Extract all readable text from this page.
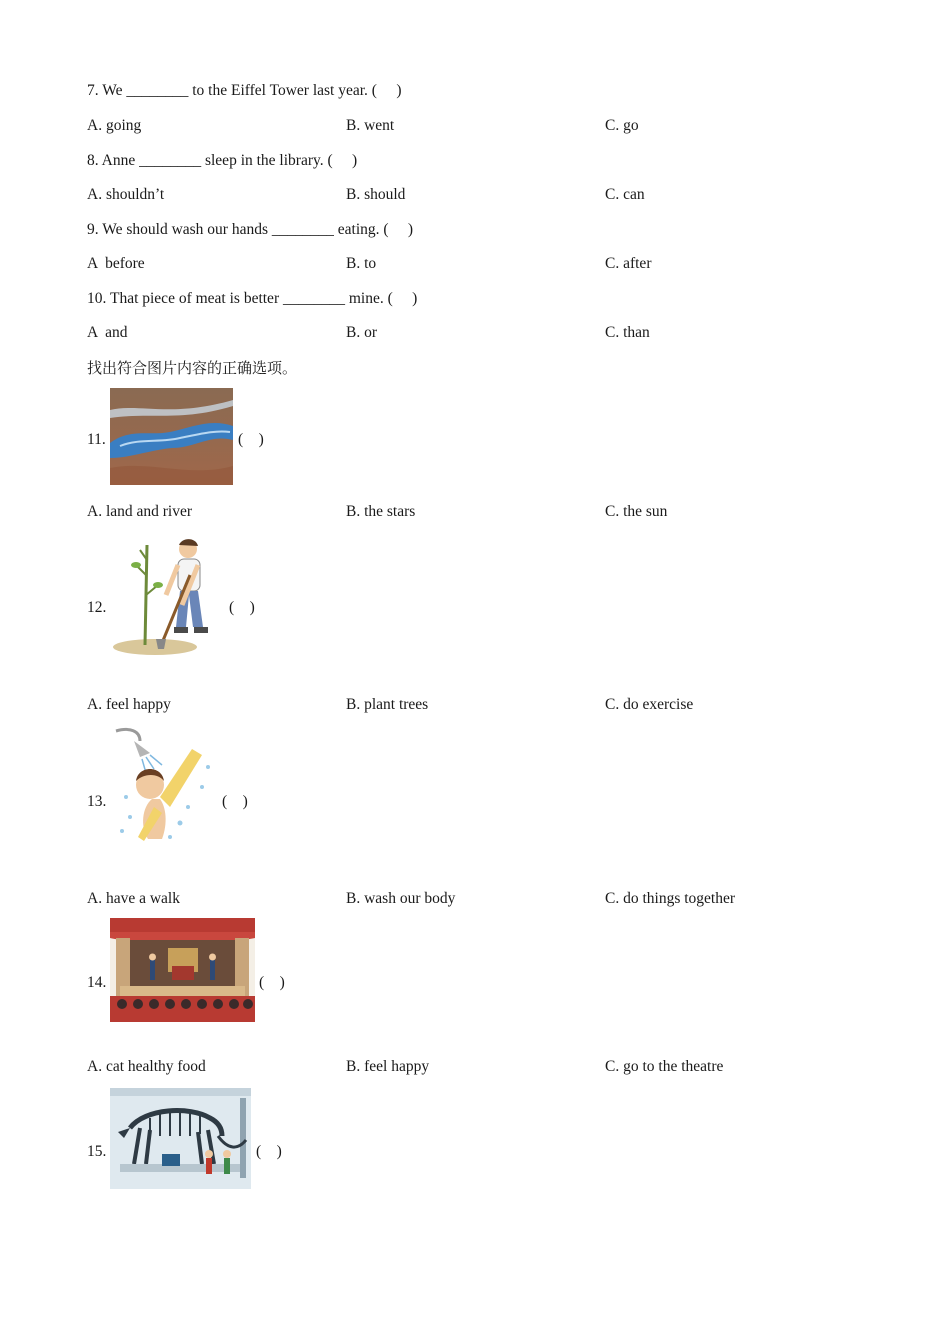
7. We ________ to the Eiffel Tower last year. (     )
A. going	B. went	C. go
8. Anne ________ sleep in the library. (     )
A. shouldn’t	B. should	C. can
9. We should wash our hands ________ eating. (     )
A  before	B. to	C. after
10. That piece of meat is better ________ mine. (     )
A  and	B. or	C. than
找出符合图片内容的正确选项。
11.	(    )
A. land and river	B. the stars	C. the sun
12.	(    )
A. feel happy	B. plant trees	C. do exercise
13.	(    )
A. have a walk	B. wash our body	C. do things together
14.	(    )
A. cat healthy food	B. feel happy	C. go to the theatre
15.	(    )
